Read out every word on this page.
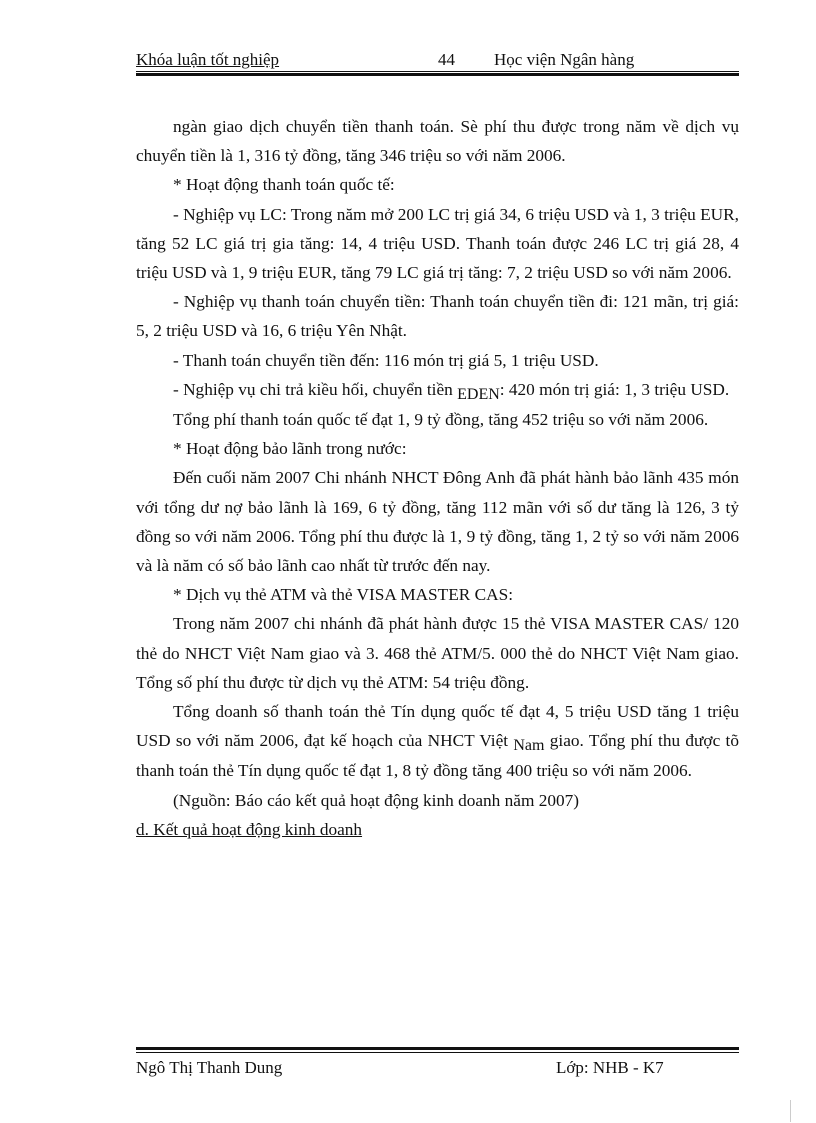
Khóa luận tốt nghiệp	44 Học viện Ngân hàng

ngàn giao dịch chuyển tiền thanh toán. Sè phí thu được trong năm về dịch vụ chuyển tiền là 1, 316 tỷ đồng, tăng 346 triệu so với năm 2006.

* Hoạt động thanh toán quốc tế:

- Nghiệp vụ LC: Trong năm mở 200 LC trị giá 34, 6 triệu USD và 1, 3 triệu EUR, tăng 52 LC giá trị gia tăng: 14, 4 triệu USD. Thanh toán được 246 LC trị giá 28, 4 triệu USD và 1, 9 triệu EUR, tăng 79 LC giá trị tăng: 7, 2 triệu USD so với năm 2006.

- Nghiệp vụ thanh toán chuyển tiền: Thanh toán chuyển tiền đi: 121 mãn, trị giá: 5, 2 triệu USD và 16, 6 triệu Yên Nhật.

- Thanh toán chuyển tiền đến: 116 món trị giá 5, 1 triệu USD.

- Nghiệp vụ chi trả kiều hối, chuyển tiền EDEN: 420 món trị giá: 1, 3 triệu USD.

Tổng phí thanh toán quốc tế đạt 1, 9 tỷ đồng, tăng 452 triệu so với năm 2006.

* Hoạt động bảo lãnh trong nước:

Đến cuối năm 2007 Chi nhánh NHCT Đông Anh đã phát hành bảo lãnh 435 món với tổng dư nợ bảo lãnh là 169, 6 tỷ đồng, tăng 112 mãn với số dư tăng là 126, 3 tỷ đồng so với năm 2006. Tổng phí thu được là 1, 9 tỷ đồng, tăng 1, 2 tỷ so với năm 2006 và là năm có số bảo lãnh cao nhất từ trước đến nay.

* Dịch vụ thẻ ATM và thẻ VISA MASTER CAS:

Trong năm 2007 chi nhánh đã phát hành được 15 thẻ VISA MASTER CAS/ 120 thẻ do NHCT Việt Nam giao và 3. 468 thẻ ATM/5. 000 thẻ do NHCT Việt Nam giao. Tổng số phí thu được từ dịch vụ thẻ ATM: 54 triệu đồng.

Tổng doanh số thanh toán thẻ Tín dụng quốc tế đạt 4, 5 triệu USD tăng 1 triệu USD so với năm 2006, đạt kế hoạch của NHCT Việt Nam giao. Tổng phí thu được tõ thanh toán thẻ Tín dụng quốc tế đạt 1, 8 tỷ đồng tăng 400 triệu so với năm 2006.

(Nguồn: Báo cáo kết quả hoạt động kinh doanh năm 2007)

d. Kết quả hoạt động kinh doanh

Ngô Thị Thanh Dung	Lớp: NHB - K7
